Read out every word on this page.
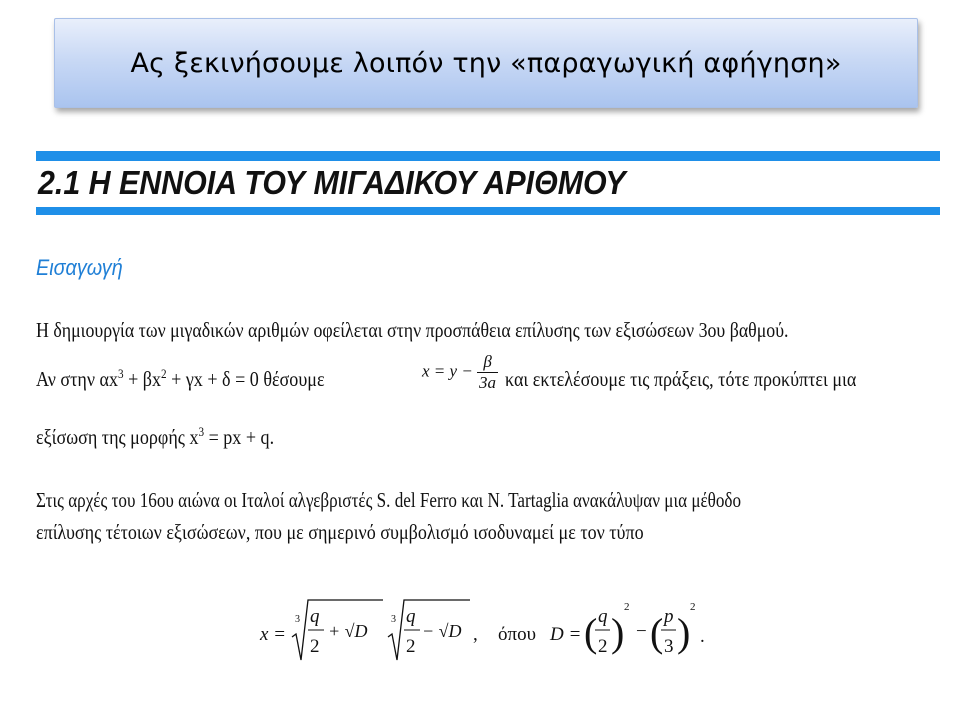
Ας ξεκινήσουμε λοιπόν την «παραγωγική αφήγηση»
2.1 Η ΕΝΝΟΙΑ ΤΟΥ ΜΙΓΑΔΙΚΟΥ ΑΡΙΘΜΟΥ
Εισαγωγή
Η δημιουργία των μιγαδικών αριθμών οφείλεται στην προσπάθεια επίλυσης των εξισώσεων 3ου βαθμού.
Αν στην $\alpha x^3 + \beta x^2 + \gamma x + \delta = 0$ θέσουμε	$x = y - \frac{\beta}{3a}$ και εκτελέσουμε τις πράξεις, τότε προκύπτει μια
εξίσωση της μορφής $x^3$ = px + q.
Στις αρχές του 16ου αιώνα οι Ιταλοί αλγεβριστές S. del Ferro και N. Tartaglia ανακάλυψαν μια μέθοδο
επίλυσης τέτοιων εξισώσεων, που με σημερινό συμβολισμό ισοδυναμεί με τον τύπο
x =
3 q
2
+ √D
3 q
2
− √D , όπου D = ( q
2 )
2
− ( p
3 )
2
.
